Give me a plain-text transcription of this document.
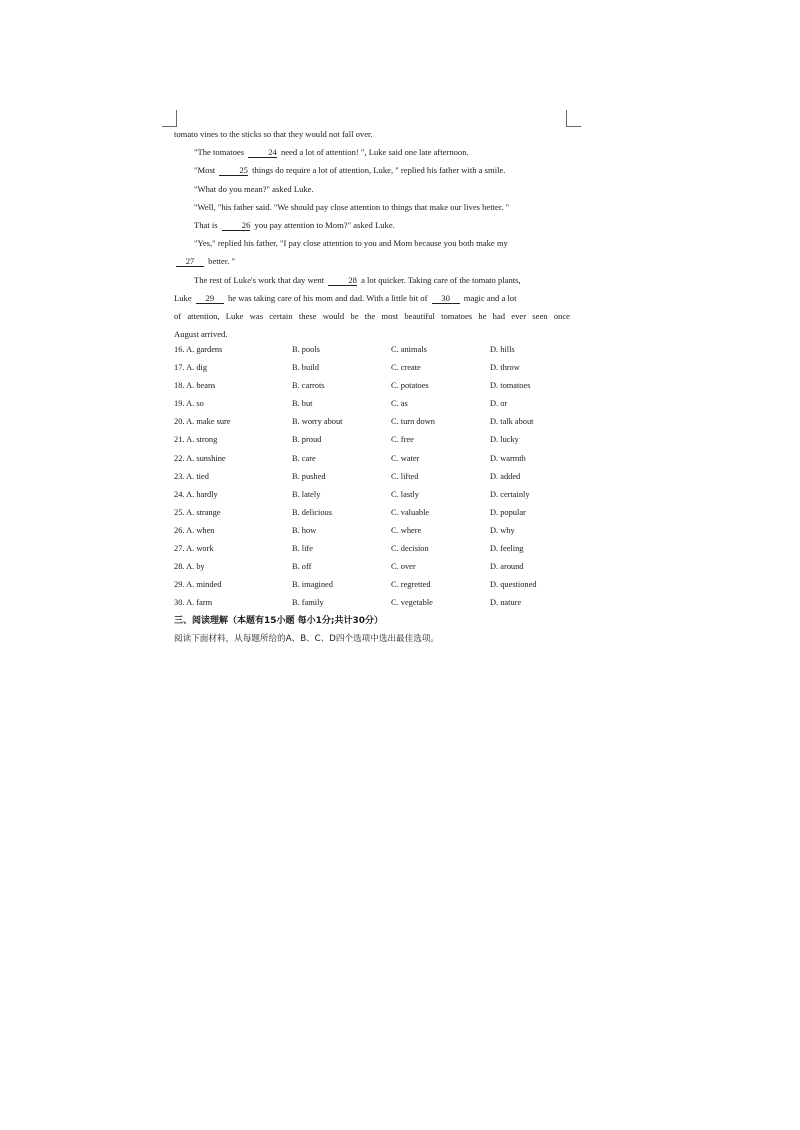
tomato vines to the sticks so that they would not fall over.

"The tomatoes	24 need a lot of attention! ", Luke said one late afternoon.

"Most	25 things do require a lot of attention, Luke, " replied his father with a smile.

"What do you mean?" asked Luke.

"Well, "his father said. "We should pay close attention to things that make our lives better. "

That is	26 you pay attention to Mom?" asked Luke.

"Yes," replied his father, "I pay close attention to you and Mom because you both make my

27 better. "

The rest of Luke's work that day went	28 a lot quicker. Taking care of the tomato plants,

Luke 29 he was taking care of his mom and dad. With a little bit of 30 magic and a lot

of attention, Luke was certain these would be the most beautiful tomatoes he had ever seen once

August arrived.

16. A. gardens	B. pools	C. animals	D. hills
17. A. dig	B. build	C. create	D. throw
18. A. beans	B. carrots	C. potatoes	D. tomatoes
19. A. so	B. but	C. as	D. or
20. A. make sure	B. worry about	C. turn down	D. talk about
21. A. strong	B. proud	C. free	D. lucky
22. A. sunshine	B. care	C. water	D. warmth
23. A. tied	B. pushed	C. lifted	D. added
24. A. hardly	B. lately	C. lastly	D. certainly
25. A. strange	B. delicious	C. valuable	D. popular
26. A. when	B. how	C. where	D. why
27. A. work	B. life	C. decision	D. feeling
28. A. by	B. off	C. over	D. around
29. A. minded	B. imagined	C. regretted	D. questioned
30. A. farm	B. family	C. vegetable	D. nature
三、阅读理解（本题有15小题 每小1分;共计30分）
阅读下面材料，从每题所给的A、B、C、D四个选项中选出最佳选项。
